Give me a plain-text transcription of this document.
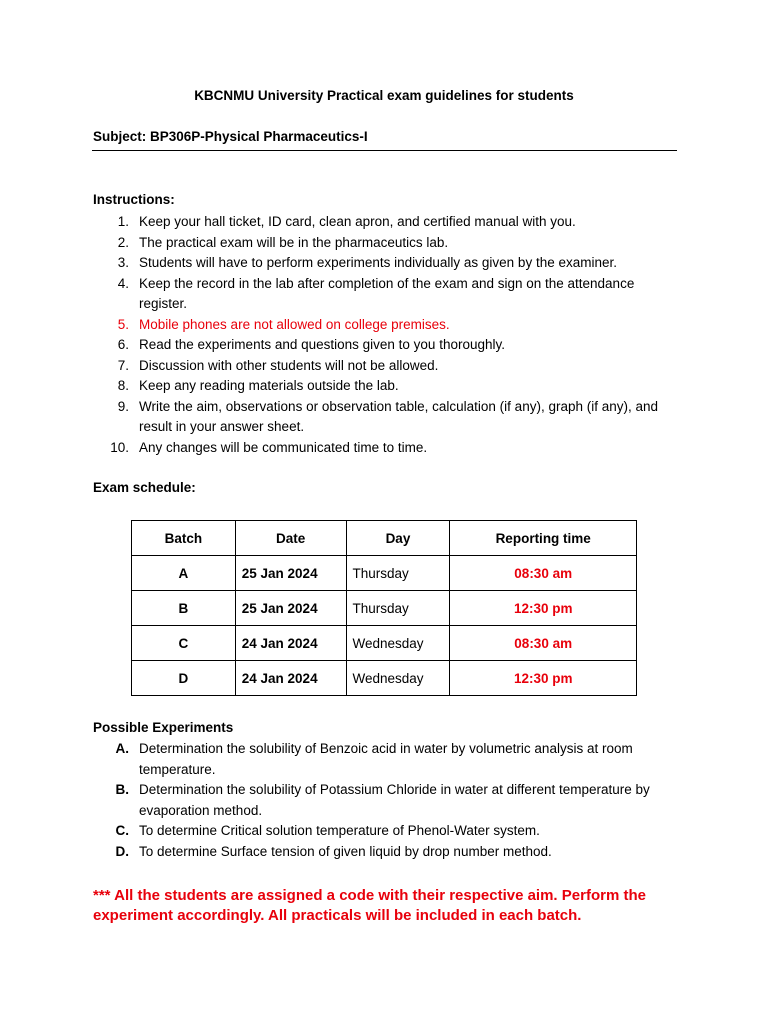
KBCNMU University Practical exam guidelines for students
Subject: BP306P-Physical Pharmaceutics-I
Instructions:
1. Keep your hall ticket, ID card, clean apron, and certified manual with you.
2. The practical exam will be in the pharmaceutics lab.
3. Students will have to perform experiments individually as given by the examiner.
4. Keep the record in the lab after completion of the exam and sign on the attendance register.
5. Mobile phones are not allowed on college premises.
6. Read the experiments and questions given to you thoroughly.
7. Discussion with other students will not be allowed.
8. Keep any reading materials outside the lab.
9. Write the aim, observations or observation table, calculation (if any), graph (if any), and result in your answer sheet.
10. Any changes will be communicated time to time.
Exam schedule:
Batch	Date	Day	Reporting time
A	25 Jan 2024	Thursday	08:30 am
B	25 Jan 2024	Thursday	12:30 pm
C	24 Jan 2024	Wednesday	08:30 am
D	24 Jan 2024	Wednesday	12:30 pm
Possible Experiments
A. Determination the solubility of Benzoic acid in water by volumetric analysis at room temperature.
B. Determination the solubility of Potassium Chloride in water at different temperature by evaporation method.
C. To determine Critical solution temperature of Phenol-Water system.
D. To determine Surface tension of given liquid by drop number method.
*** All the students are assigned a code with their respective aim. Perform the experiment accordingly. All practicals will be included in each batch.
